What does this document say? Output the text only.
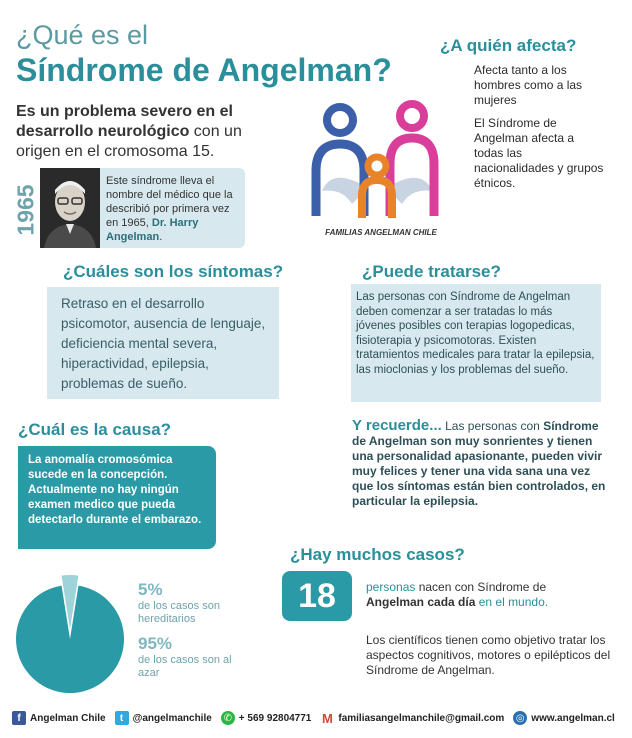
¿Qué es el
Síndrome de Angelman?
Es un problema severo en el desarrollo neurológico con un origen en el cromosoma 15.
1965
Este síndrome lleva el nombre del médico que la describió por primera vez en 1965, Dr. Harry Angelman.
¿A quién afecta?
Afecta tanto a los hombres como a las mujeres
El Síndrome de Angelman afecta a todas las nacionalidades y grupos étnicos.
FAMILIAS ANGELMAN CHILE
¿Cuáles son los síntomas?
Retraso en el desarrollo psicomotor, ausencia de lenguaje, deficiencia mental severa, hiperactividad, epilepsia, problemas de sueño.
¿Puede tratarse?
Las personas con Síndrome de Angelman deben comenzar a ser tratadas lo más jóvenes posibles con terapias logopedicas, fisioterapia y psicomotoras. Existen tratamientos medicales para tratar la epilepsia, las mioclonias y los problemas del sueño.
¿Cuál es la causa?
La anomalía cromosómica sucede en la concepción. Actualmente no hay ningún examen medico que pueda detectarlo durante el embarazo.
Y recuerde... Las personas con Síndrome de Angelman son muy sonrientes y tienen una personalidad apasionante, pueden vivir muy felices y tener una vida sana una vez que los síntomas están bien controlados, en particular la epilepsia.
¿Hay muchos casos?
18	personas nacen con Síndrome de Angelman cada día en el mundo.
Los científicos tienen como objetivo tratar los aspectos cognitivos, motores o epilépticos del Síndrome de Angelman.
5%
de los casos son hereditarios
95%
de los casos son al azar
f Angelman Chile	t @angelmanchile ✆ + 569 92804771 M familiasangelmanchile@gmail.com ◎ www.angelman.cl
